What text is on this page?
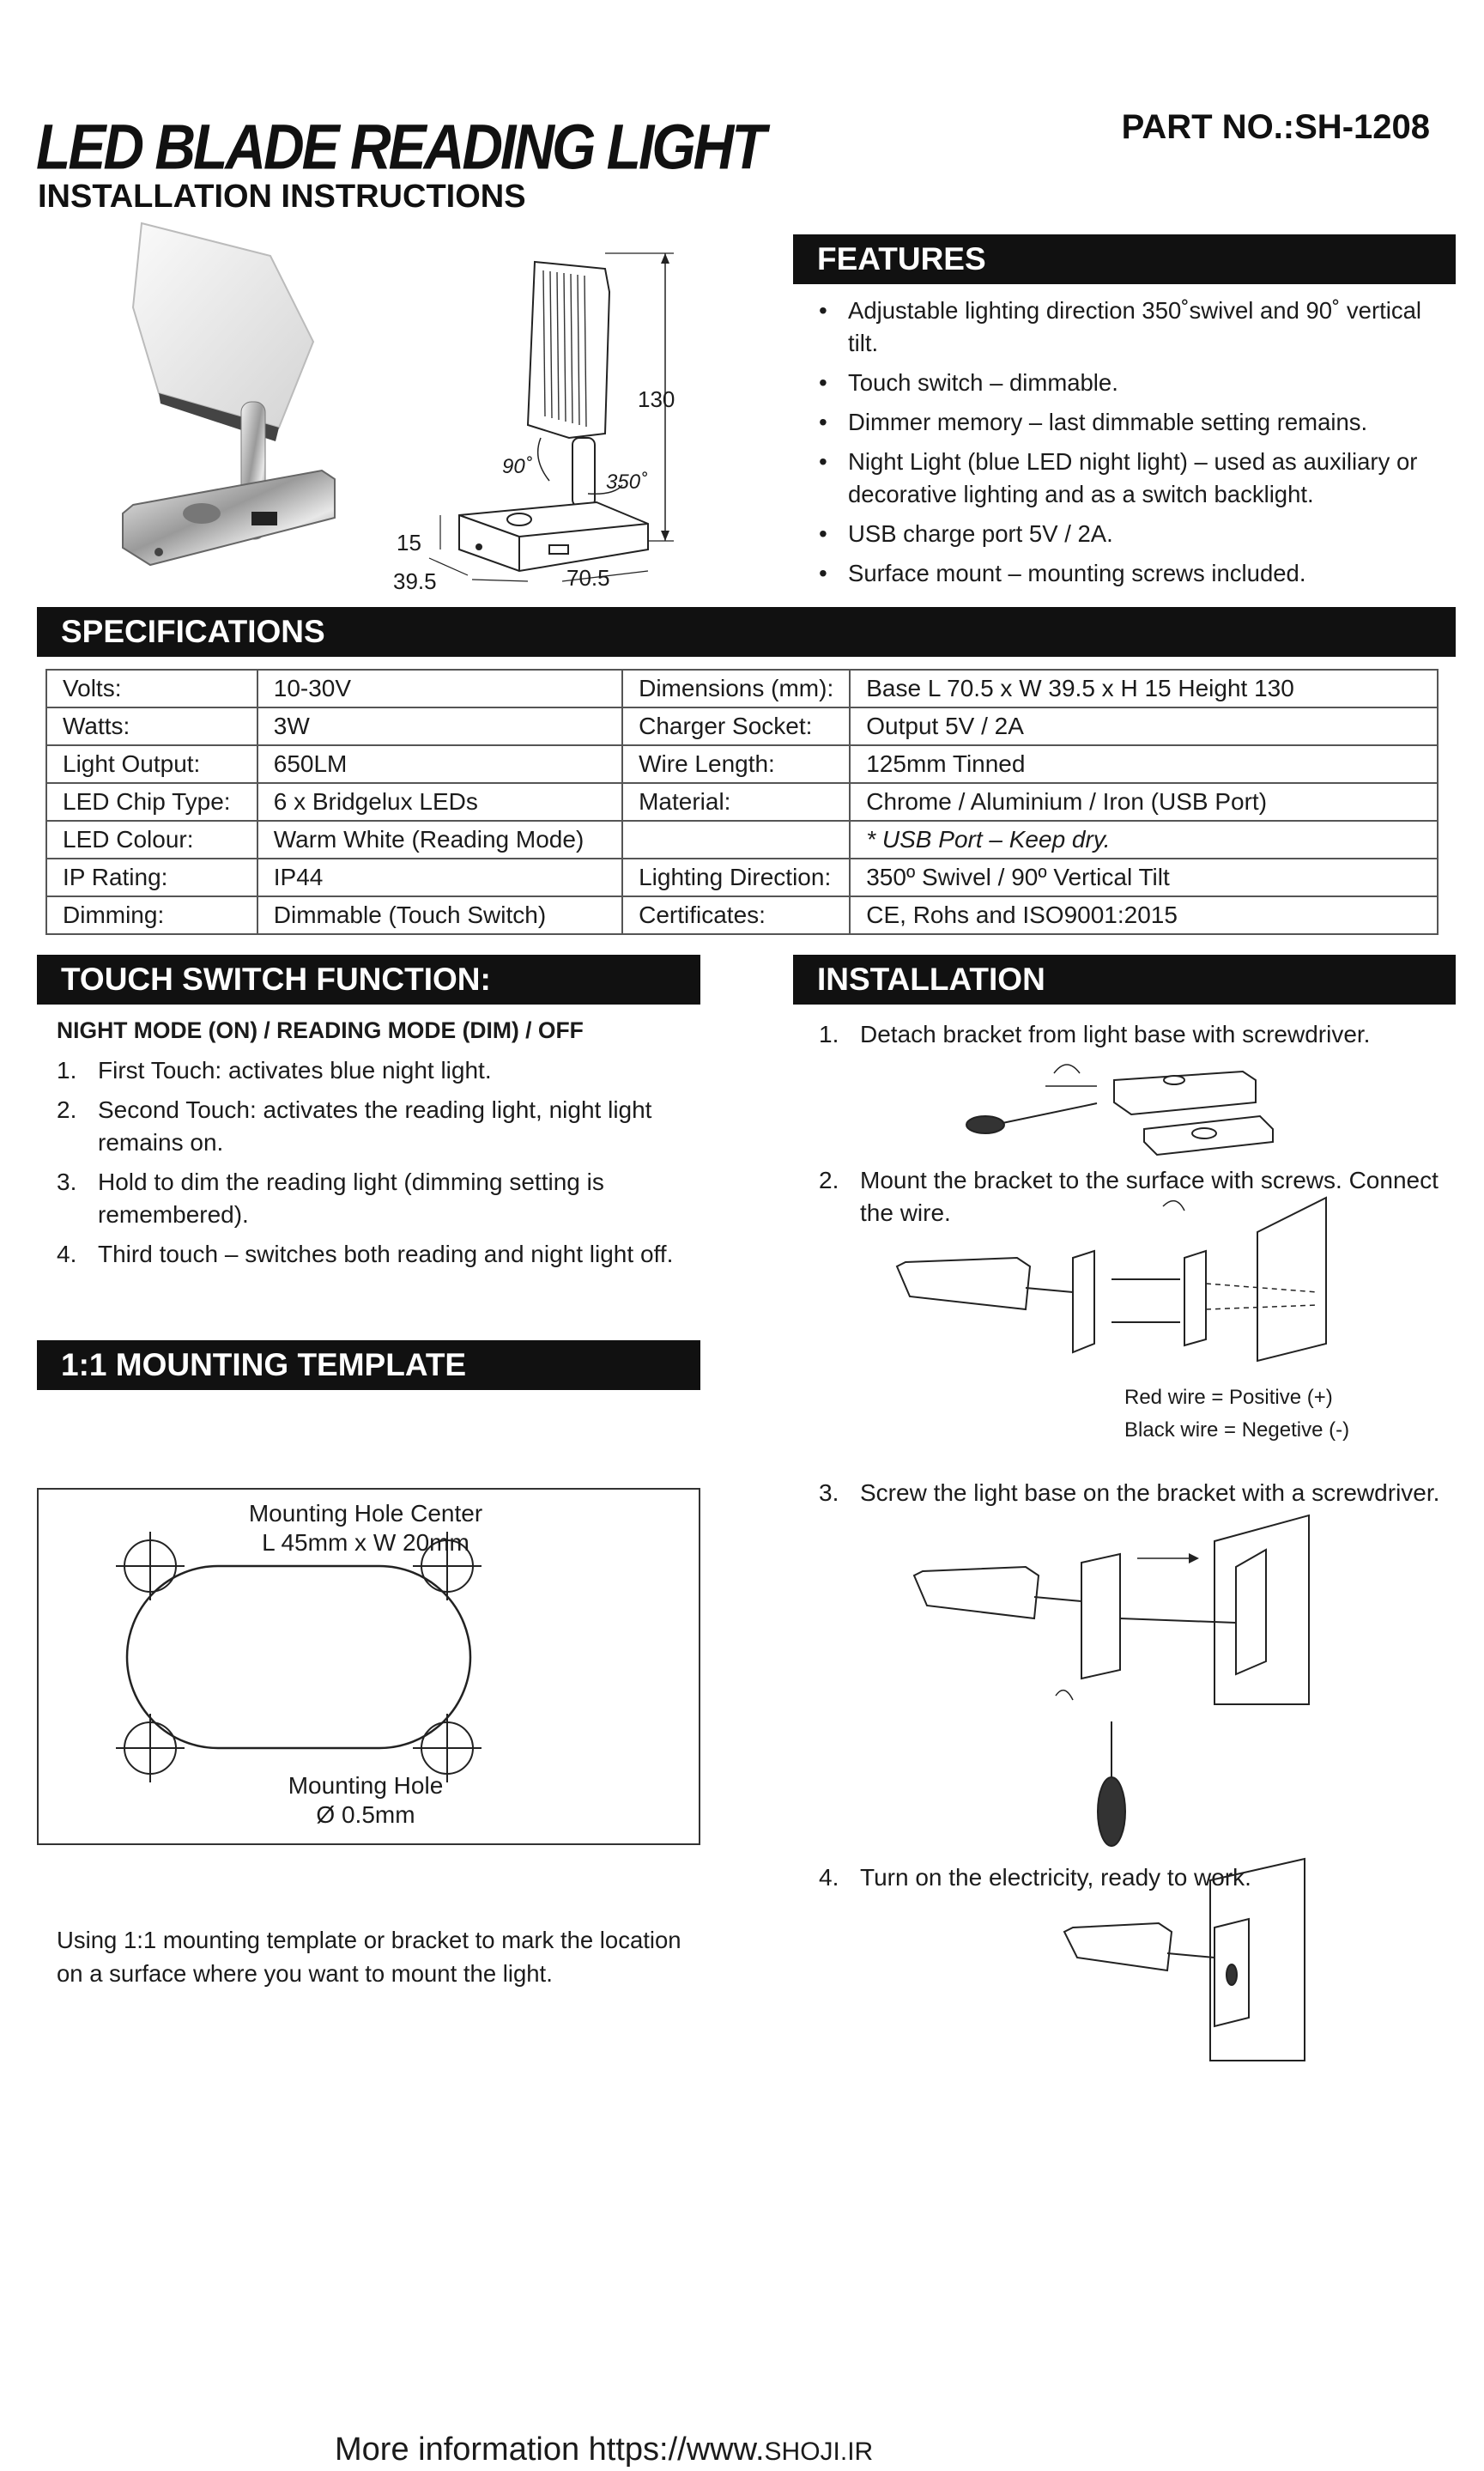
LED BLADE READING LIGHT
INSTALLATION INSTRUCTIONS
PART NO.:SH-1208
130
90˚
350˚
15
39.5	70.5
FEATURES
• Adjustable lighting direction 350˚swivel and 90˚ vertical tilt.
• Touch switch – dimmable.
• Dimmer memory – last dimmable setting remains.
• Night Light (blue LED night light) – used as auxiliary or decorative lighting and as a switch backlight.
• USB charge port 5V / 2A.
• Surface mount – mounting screws included.
SPECIFICATIONS
Volts:	10-30V	Dimensions (mm):	Base L 70.5 x W 39.5 x H 15 Height 130
Watts:	3W	Charger Socket:	Output 5V / 2A
Light Output:	650LM	Wire Length:	125mm Tinned
LED Chip Type:	6 x Bridgelux LEDs	Material:	Chrome / Aluminium / Iron (USB Port)
LED Colour:	Warm White (Reading Mode)		* USB Port – Keep dry.
IP Rating:	IP44	Lighting Direction:	350º Swivel / 90º Vertical Tilt
Dimming:	Dimmable (Touch Switch)	Certificates:	CE, Rohs and ISO9001:2015
TOUCH SWITCH FUNCTION:
NIGHT MODE (ON) / READING MODE (DIM) / OFF
1. First Touch: activates blue night light.
2. Second Touch: activates the reading light, night light remains on.
3. Hold to dim the reading light (dimming setting is remembered).
4. Third touch – switches both reading and night light off.
1:1 MOUNTING TEMPLATE
Mounting Hole Center
L 45mm x W 20mm
Mounting Hole
Ø 0.5mm
Using 1:1 mounting template or bracket to mark the location on a surface where you want to mount the light.
INSTALLATION
1. Detach bracket from light base with screwdriver.
2. Mount the bracket to the surface with screws. Connect the wire.
Red wire = Positive (+)
Black wire = Negetive (-)
3. Screw the light base on the bracket with a screwdriver.
4. Turn on the electricity, ready to work.
More information https://www.SHOJI.IR
